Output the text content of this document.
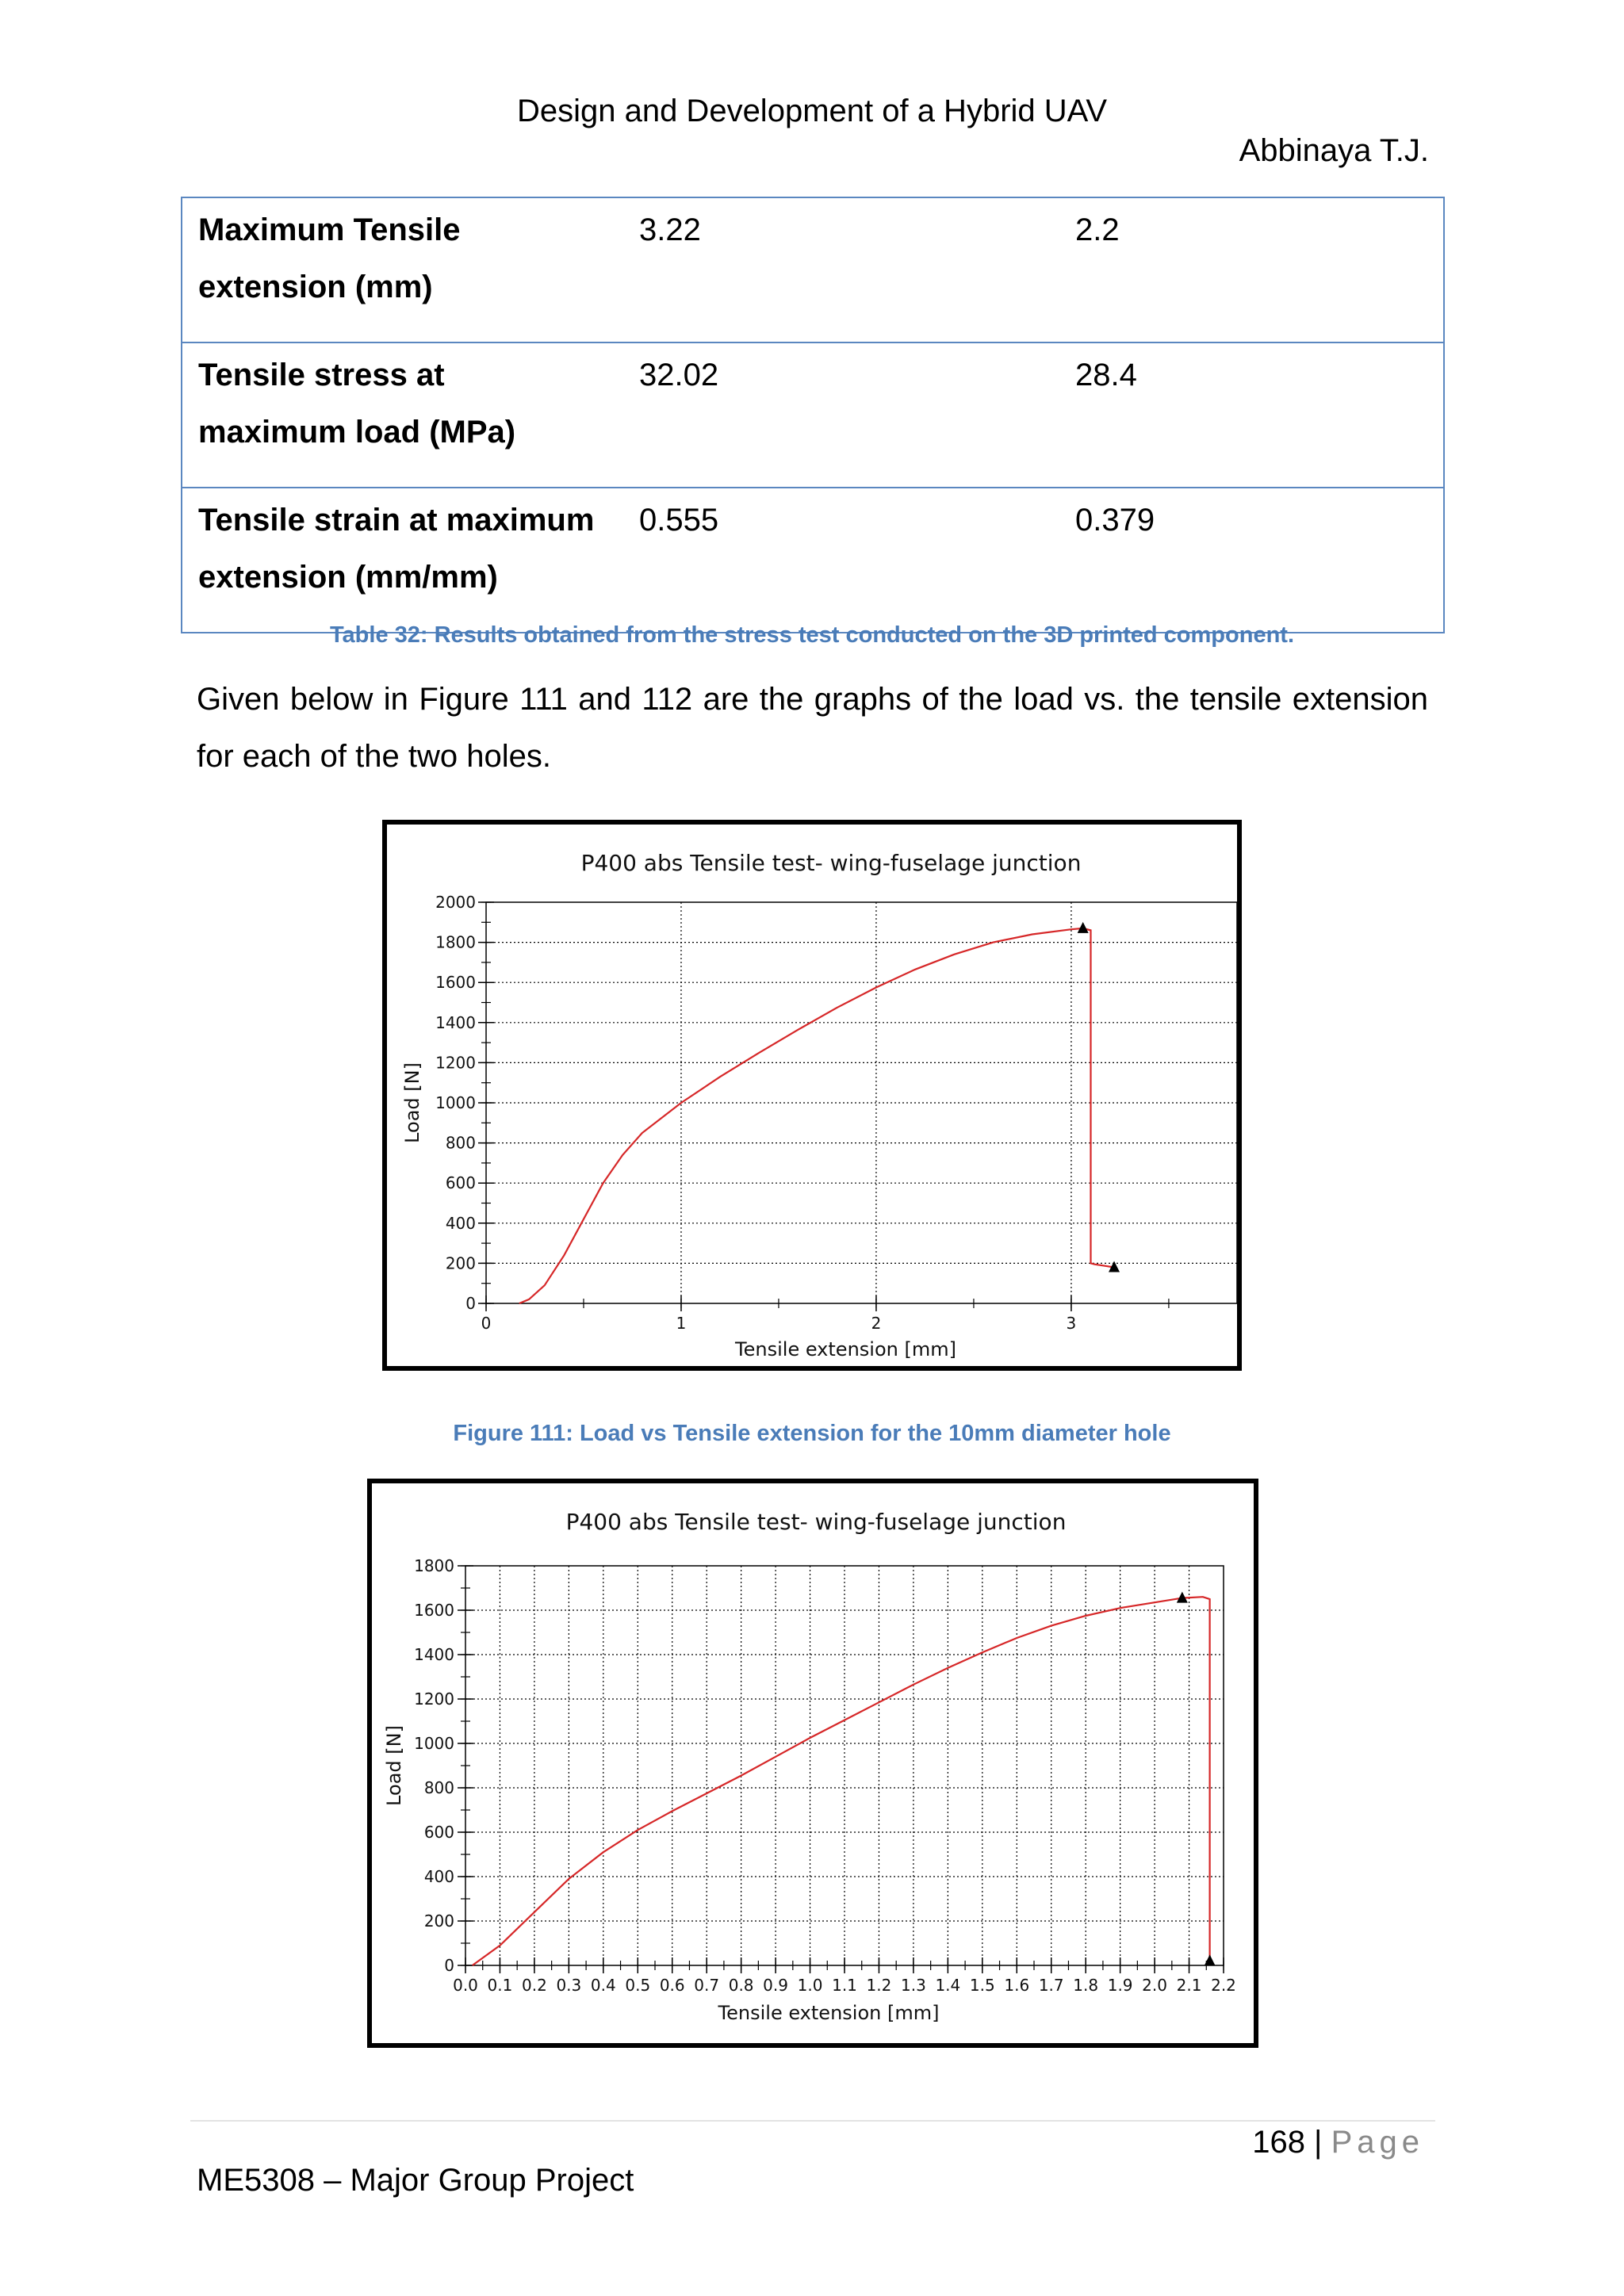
Design and Development of a Hybrid UAV
Abbinaya T.J.
Maximum Tensile
extension (mm)	3.22	2.2
Tensile stress at
maximum load (MPa)	32.02	28.4
Tensile strain at maximum
extension (mm/mm)	0.555	0.379
Table 32: Results obtained from the stress test conducted on the 3D printed component.
Given below in Figure 111 and 112 are the graphs of the load vs. the tensile extension for each of the two holes.
P400 abs Tensile test- wing-fuselage junction
0	1	2	3
0
200
400
600
800
1000
1200
1400
1600
1800
2000
Tensile extension [mm]
Load [N]
Figure 111: Load vs Tensile extension for the 10mm diameter hole
P400 abs Tensile test- wing-fuselage junction
0.0 0.1 0.2 0.3 0.4 0.5 0.6 0.7 0.8 0.9 1.0 1.1 1.2 1.3 1.4 1.5 1.6 1.7 1.8 1.9 2.0 2.1 2.2
0
200
400
600
800
1000
1200
1400
1600
1800
Tensile extension [mm]
Load [N]
168 | Page
ME5308 – Major Group Project
